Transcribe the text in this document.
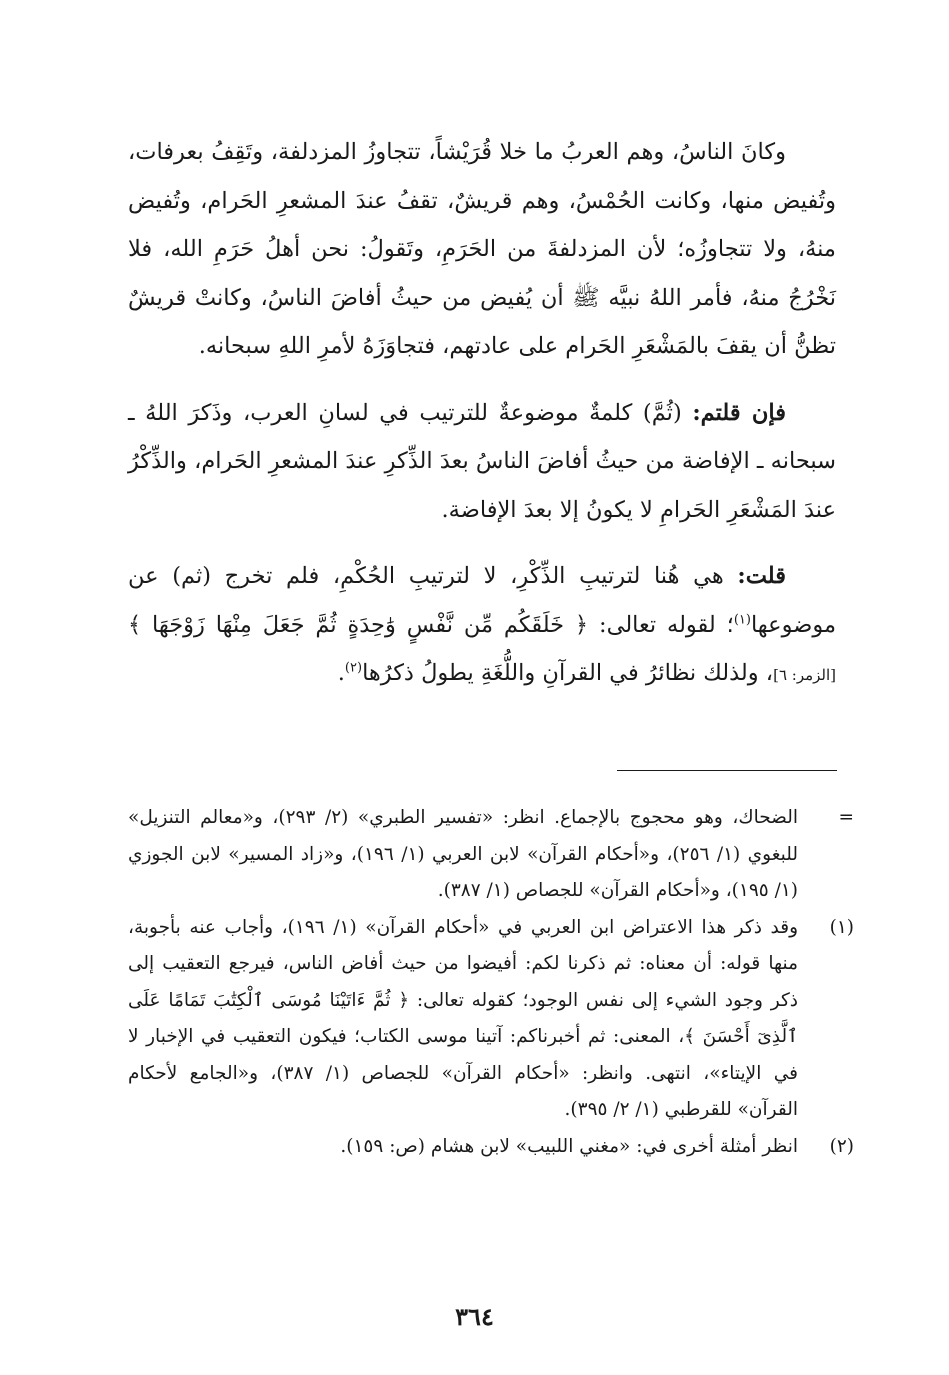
وكانَ الناسُ، وهم العربُ ما خلا قُرَيْشاً، تتجاوزُ المزدلفة، وتَقِفُ بعرفات، وتُفيض منها، وكانت الحُمْسُ، وهم قريشٌ، تقفُ عندَ المشعرِ الحَرام، وتُفيض منهُ، ولا تتجاوزُه؛ لأن المزدلفةَ من الحَرَمِ، وتَقولُ: نحن أهلُ حَرَمِ الله، فلا نَخْرُجُ منهُ، فأمر اللهُ نبيَّه ﷺ أن يُفيض من حيثُ أفاضَ الناسُ، وكانتْ قريشٌ تظنُّ أن يقفَ بالمَشْعَرِ الحَرام على عادتهم، فتجاوَزَهُ لأمرِ اللهِ سبحانه.

فإن قلتم: (ثُمَّ) كلمةٌ موضوعةٌ للترتيب في لسانِ العرب، وذَكرَ اللهُ ـ سبحانه ـ الإفاضة من حيثُ أفاضَ الناسُ بعدَ الذِّكرِ عندَ المشعرِ الحَرام، والذِّكْرُ عندَ المَشْعَرِ الحَرامِ لا يكونُ إلا بعدَ الإفاضة.

قلت: هي هُنا لترتيبِ الذِّكْرِ، لا لترتيبِ الحُكْمِ، فلم تخرج (ثم) عن موضوعها$^{(١)}$؛ لقوله تعالى: ﴿ خَلَقَكُم مِّن نَّفْسٍ وَٰحِدَةٍ ثُمَّ جَعَلَ مِنْهَا زَوْجَهَا ﴾ [الزمر: ٦]، ولذلك نظائرُ في القرآنِ واللُّغَةِ يطولُ ذكرُها$^{(٢)}$.

=
الضحاك، وهو محجوج بالإجماع. انظر: «تفسير الطبري» (٢/ ٢٩٣)، و«معالم التنزيل» للبغوي (١/ ٢٥٦)، و«أحكام القرآن» لابن العربي (١/ ١٩٦)، و«زاد المسير» لابن الجوزي (١/ ١٩٥)، و«أحكام القرآن» للجصاص (١/ ٣٨٧).
(١)
وقد ذكر هذا الاعتراض ابن العربي في «أحكام القرآن» (١/ ١٩٦)، وأجاب عنه بأجوبة، منها قوله: أن معناه: ثم ذكرنا لكم: أفيضوا من حيث أفاض الناس، فيرجع التعقيب إلى ذكر وجود الشيء إلى نفس الوجود؛ كقوله تعالى: ﴿ ثُمَّ ءَاتَيْنَا مُوسَى ٱلْكِتَٰبَ تَمَامًا عَلَى ٱلَّذِىٓ أَحْسَنَ ﴾، المعنى: ثم أخبرناكم: آتينا موسى الكتاب؛ فيكون التعقيب في الإخبار لا في الإيتاء»، انتهى. وانظر: «أحكام القرآن» للجصاص (١/ ٣٨٧)، و«الجامع لأحكام القرآن» للقرطبي (١/ ٢/ ٣٩٥).
(٢)
انظر أمثلة أخرى في: «مغني اللبيب» لابن هشام (ص: ١٥٩).
٣٦٤
